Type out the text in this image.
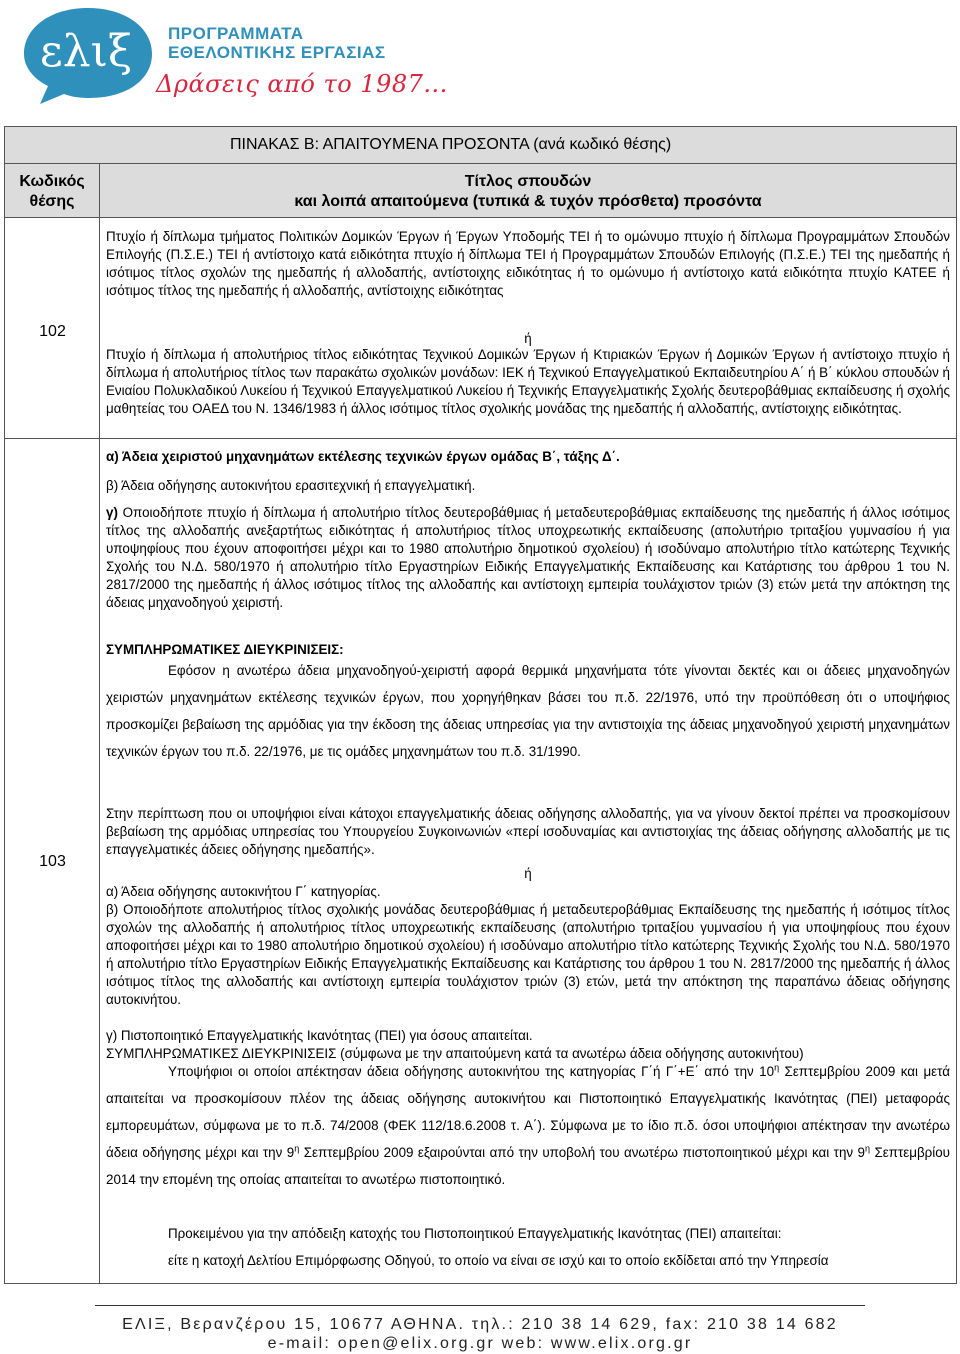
ελιξ ΠΡΟΓΡΑΜΜΑΤΑ
ΕΘΕΛΟΝΤΙΚΗΣ ΕΡΓΑΣΙΑΣ
Δράσεις από το 1987...
ΠΙΝΑΚΑΣ Β: ΑΠΑΙΤΟΥΜΕΝΑ ΠΡΟΣΟΝΤΑ (ανά κωδικό θέσης)
Κωδικός
θέσης
Τίτλος σπουδών
και λοιπά απαιτούμενα (τυπικά & τυχόν πρόσθετα) προσόντα
102
Πτυχίο ή δίπλωμα τμήματος Πολιτικών Δομικών Έργων ή Έργων Υποδομής ΤΕΙ ή το ομώνυμο πτυχίο ή δίπλωμα Προγραμμάτων Σπουδών Επιλογής (Π.Σ.Ε.) ΤΕΙ ή αντίστοιχο κατά ειδικότητα πτυχίο ή δίπλωμα ΤΕΙ ή Προγραμμάτων Σπουδών Επιλογής (Π.Σ.Ε.) ΤΕΙ της ημεδαπής ή ισότιμος τίτλος σχολών της ημεδαπής ή αλλοδαπής, αντίστοιχης ειδικότητας ή το ομώνυμο ή αντίστοιχο κατά ειδικότητα πτυχίο ΚΑΤΕΕ ή ισότιμος τίτλος της ημεδαπής ή αλλοδαπής, αντίστοιχης ειδικότητας
ή
Πτυχίο ή δίπλωμα ή απολυτήριος τίτλος ειδικότητας Τεχνικού Δομικών Έργων ή Κτιριακών Έργων ή Δομικών Έργων ή αντίστοιχο πτυχίο ή δίπλωμα ή απολυτήριος τίτλος των παρακάτω σχολικών μονάδων: ΙΕΚ ή Τεχνικού Επαγγελματικού Εκπαιδευτηρίου Α΄ ή Β΄ κύκλου σπουδών ή Ενιαίου Πολυκλαδικού Λυκείου ή Τεχνικού Επαγγελματικού Λυκείου ή Τεχνικής Επαγγελματικής Σχολής δευτεροβάθμιας εκπαίδευσης ή σχολής μαθητείας του ΟΑΕΔ του Ν. 1346/1983 ή άλλος ισότιμος τίτλος σχολικής μονάδας της ημεδαπής ή αλλοδαπής, αντίστοιχης ειδικότητας.
103
α) Άδεια χειριστού μηχανημάτων εκτέλεσης τεχνικών έργων ομάδας Β΄, τάξης Δ΄.
β) Άδεια οδήγησης αυτοκινήτου ερασιτεχνική ή επαγγελματική.
γ) Οποιοδήποτε πτυχίο ή δίπλωμα ή απολυτήριο τίτλος δευτεροβάθμιας ή μεταδευτεροβάθμιας εκπαίδευσης της ημεδαπής ή άλλος ισότιμος τίτλος της αλλοδαπής ανεξαρτήτως ειδικότητας ή απολυτήριος τίτλος υποχρεωτικής εκπαίδευσης (απολυτήριο τριταξίου γυμνασίου ή για υποψηφίους που έχουν αποφοιτήσει μέχρι και το 1980 απολυτήριο δημοτικού σχολείου) ή ισοδύναμο απολυτήριο τίτλο κατώτερης Τεχνικής Σχολής του Ν.Δ. 580/1970 ή απολυτήριο τίτλο Εργαστηρίων Ειδικής Επαγγελματικής Εκπαίδευσης και Κατάρτισης του άρθρου 1 του Ν. 2817/2000 της ημεδαπής ή άλλος ισότιμος τίτλος της αλλοδαπής και αντίστοιχη εμπειρία τουλάχιστον τριών (3) ετών μετά την απόκτηση της άδειας μηχανοδηγού χειριστή.
ΣΥΜΠΛΗΡΩΜΑΤΙΚΕΣ ΔΙΕΥΚΡΙΝΙΣΕΙΣ:
Εφόσον η ανωτέρω άδεια μηχανοδηγού-χειριστή αφορά θερμικά μηχανήματα τότε γίνονται δεκτές και οι άδειες μηχανοδηγών χειριστών μηχανημάτων εκτέλεσης τεχνικών έργων, που χορηγήθηκαν βάσει του π.δ. 22/1976, υπό την προϋπόθεση ότι ο υποψήφιος προσκομίζει βεβαίωση της αρμόδιας για την έκδοση της άδειας υπηρεσίας για την αντιστοιχία της άδειας μηχανοδηγού χειριστή μηχανημάτων τεχνικών έργων του π.δ. 22/1976, με τις ομάδες μηχανημάτων του π.δ. 31/1990.
Στην περίπτωση που οι υποψήφιοι είναι κάτοχοι επαγγελματικής άδειας οδήγησης αλλοδαπής, για να γίνουν δεκτοί πρέπει να προσκομίσουν βεβαίωση της αρμόδιας υπηρεσίας του Υπουργείου Συγκοινωνιών «περί ισοδυναμίας και αντιστοιχίας της άδειας οδήγησης αλλοδαπής με τις επαγγελματικές άδειες οδήγησης ημεδαπής».
ή
α) Άδεια οδήγησης αυτοκινήτου Γ΄ κατηγορίας.
β) Οποιοδήποτε απολυτήριος τίτλος σχολικής μονάδας δευτεροβάθμιας ή μεταδευτεροβάθμιας Εκπαίδευσης της ημεδαπής ή ισότιμος τίτλος σχολών της αλλοδαπής ή απολυτήριος τίτλος υποχρεωτικής εκπαίδευσης (απολυτήριο τριταξίου γυμνασίου ή για υποψηφίους που έχουν αποφοιτήσει μέχρι και το 1980 απολυτήριο δημοτικού σχολείου) ή ισοδύναμο απολυτήριο τίτλο κατώτερης Τεχνικής Σχολής του Ν.Δ. 580/1970 ή απολυτήριο τίτλο Εργαστηρίων Ειδικής Επαγγελματικής Εκπαίδευσης και Κατάρτισης του άρθρου 1 του Ν. 2817/2000 της ημεδαπής ή άλλος ισότιμος τίτλος της αλλοδαπής και αντίστοιχη εμπειρία τουλάχιστον τριών (3) ετών, μετά την απόκτηση της παραπάνω άδειας οδήγησης αυτοκινήτου.
γ) Πιστοποιητικό Επαγγελματικής Ικανότητας (ΠΕΙ) για όσους απαιτείται.
ΣΥΜΠΛΗΡΩΜΑΤΙΚΕΣ ΔΙΕΥΚΡΙΝΙΣΕΙΣ (σύμφωνα με την απαιτούμενη κατά τα ανωτέρω άδεια οδήγησης αυτοκινήτου)
Υποψήφιοι οι οποίοι απέκτησαν άδεια οδήγησης αυτοκινήτου της κατηγορίας Γ΄ή Γ΄+Ε΄ από την $10^\eta$ Σεπτεμβρίου 2009 και μετά απαιτείται να προσκομίσουν πλέον της άδειας οδήγησης αυτοκινήτου και Πιστοποιητικό Επαγγελματικής Ικανότητας (ΠΕΙ) μεταφοράς εμπορευμάτων, σύμφωνα με το π.δ. 74/2008 (ΦΕΚ 112/18.6.2008 τ. Α΄). Σύμφωνα με το ίδιο π.δ. όσοι υποψήφιοι απέκτησαν την ανωτέρω άδεια οδήγησης μέχρι και την $9^\eta$ Σεπτεμβρίου 2009 εξαιρούνται από την υποβολή του ανωτέρω πιστοποιητικού μέχρι και την $9^\eta$ Σεπτεμβρίου 2014 την επομένη της οποίας απαιτείται το ανωτέρω πιστοποιητικό.
Προκειμένου για την απόδειξη κατοχής του Πιστοποιητικού Επαγγελματικής Ικανότητας (ΠΕΙ) απαιτείται:
είτε η κατοχή Δελτίου Επιμόρφωσης Οδηγού, το οποίο να είναι σε ισχύ και το οποίο εκδίδεται από την Υπηρεσία
ΕΛΙΞ, Βερανζέρου 15, 10677 ΑΘΗΝΑ. τηλ.: 210 38 14 629, fax: 210 38 14 682
e-mail: open@elix.org.gr web: www.elix.org.gr
